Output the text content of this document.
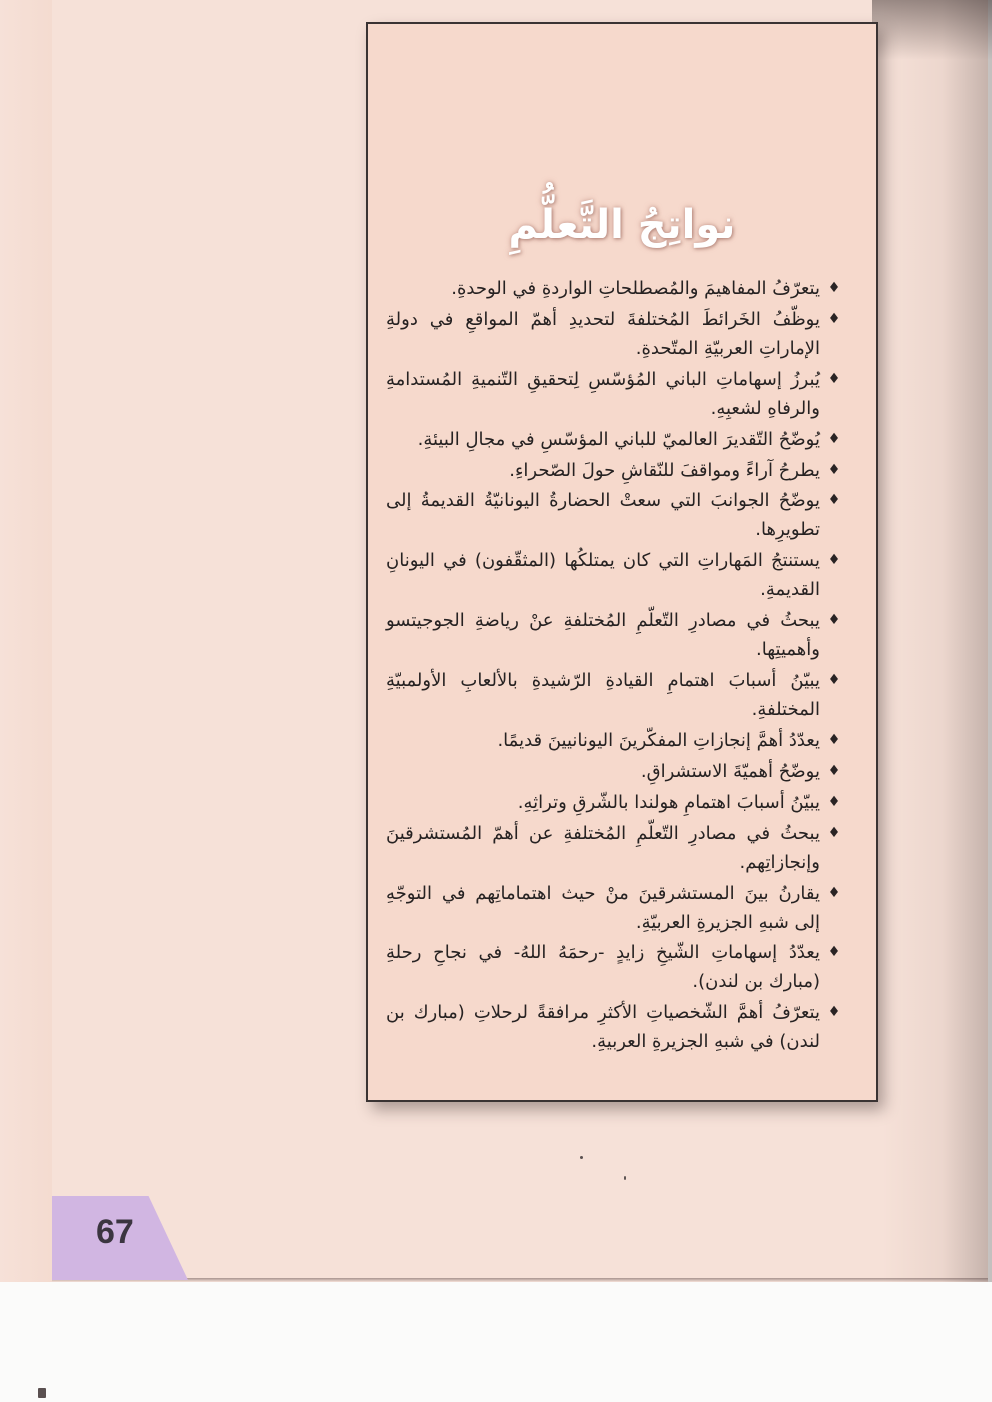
نواتِجُ التَّعلُّمِ
♦
يتعرّفُ المفاهيمَ والمُصطلحاتِ الواردةِ في الوحدةِ.
♦
يوظّفُ الخَرائطَ المُختلفةَ لتحديدِ أهمّ المواقعِ في دولةِ الإماراتِ العربيّةِ المتّحدةِ.
♦
يُبرزُ إسهاماتِ الباني المُؤسّسِ لِتحقيقِ التّنميةِ المُستدامةِ والرفاهِ لشعبِهِ.
♦
يُوضّحُ التّقديرَ العالميّ للباني المؤسّسِ في مجالِ البيئةِ.
♦
يطرحُ آراءً ومواقفَ للنّقاشِ حولَ الصّحراءِ.
♦
يوضّحُ الجوانبَ التي سعتْ الحضارةُ اليونانيّةُ القديمةُ إلى تطويرِها.
♦
يستنتجُ المَهاراتِ التي كان يمتلكُها (المثقّفون) في اليونانِ القديمةِ.
♦
يبحثُ في مصادرِ التّعلّمِ المُختلفةِ عنْ رياضةِ الجوجيتسو وأهميتِها.
♦
يبيّنُ أسبابَ اهتمامِ القيادةِ الرّشيدةِ بالألعابِ الأولمبيّةِ المختلفةِ.
♦
يعدّدُ أهمَّ إنجازاتِ المفكّرينَ اليونانيينَ قديمًا.
♦
يوضّحُ أهميّةَ الاستشراقِ.
♦
يبيّنُ أسبابَ اهتمامِ هولندا بالشّرقِ وتراثِهِ.
♦
يبحثُ في مصادرِ التّعلّمِ المُختلفةِ عن أهمّ المُستشرقينَ وإنجازاتِهم.
♦
يقارنُ بينَ المستشرقينَ منْ حيث اهتماماتِهم في التوجّهِ إلى شبهِ الجزيرةِ العربيّةِ.
♦
يعدّدُ إسهاماتِ الشّيخِ زايدٍ -رحمَهُ اللهُ- في نجاحِ رحلةِ (مبارك بن لندن).
♦
يتعرّفُ أهمَّ الشّخصياتِ الأكثرِ مرافقةً لرحلاتِ (مبارك بن لندن) في شبهِ الجزيرةِ العربيةِ.
67
